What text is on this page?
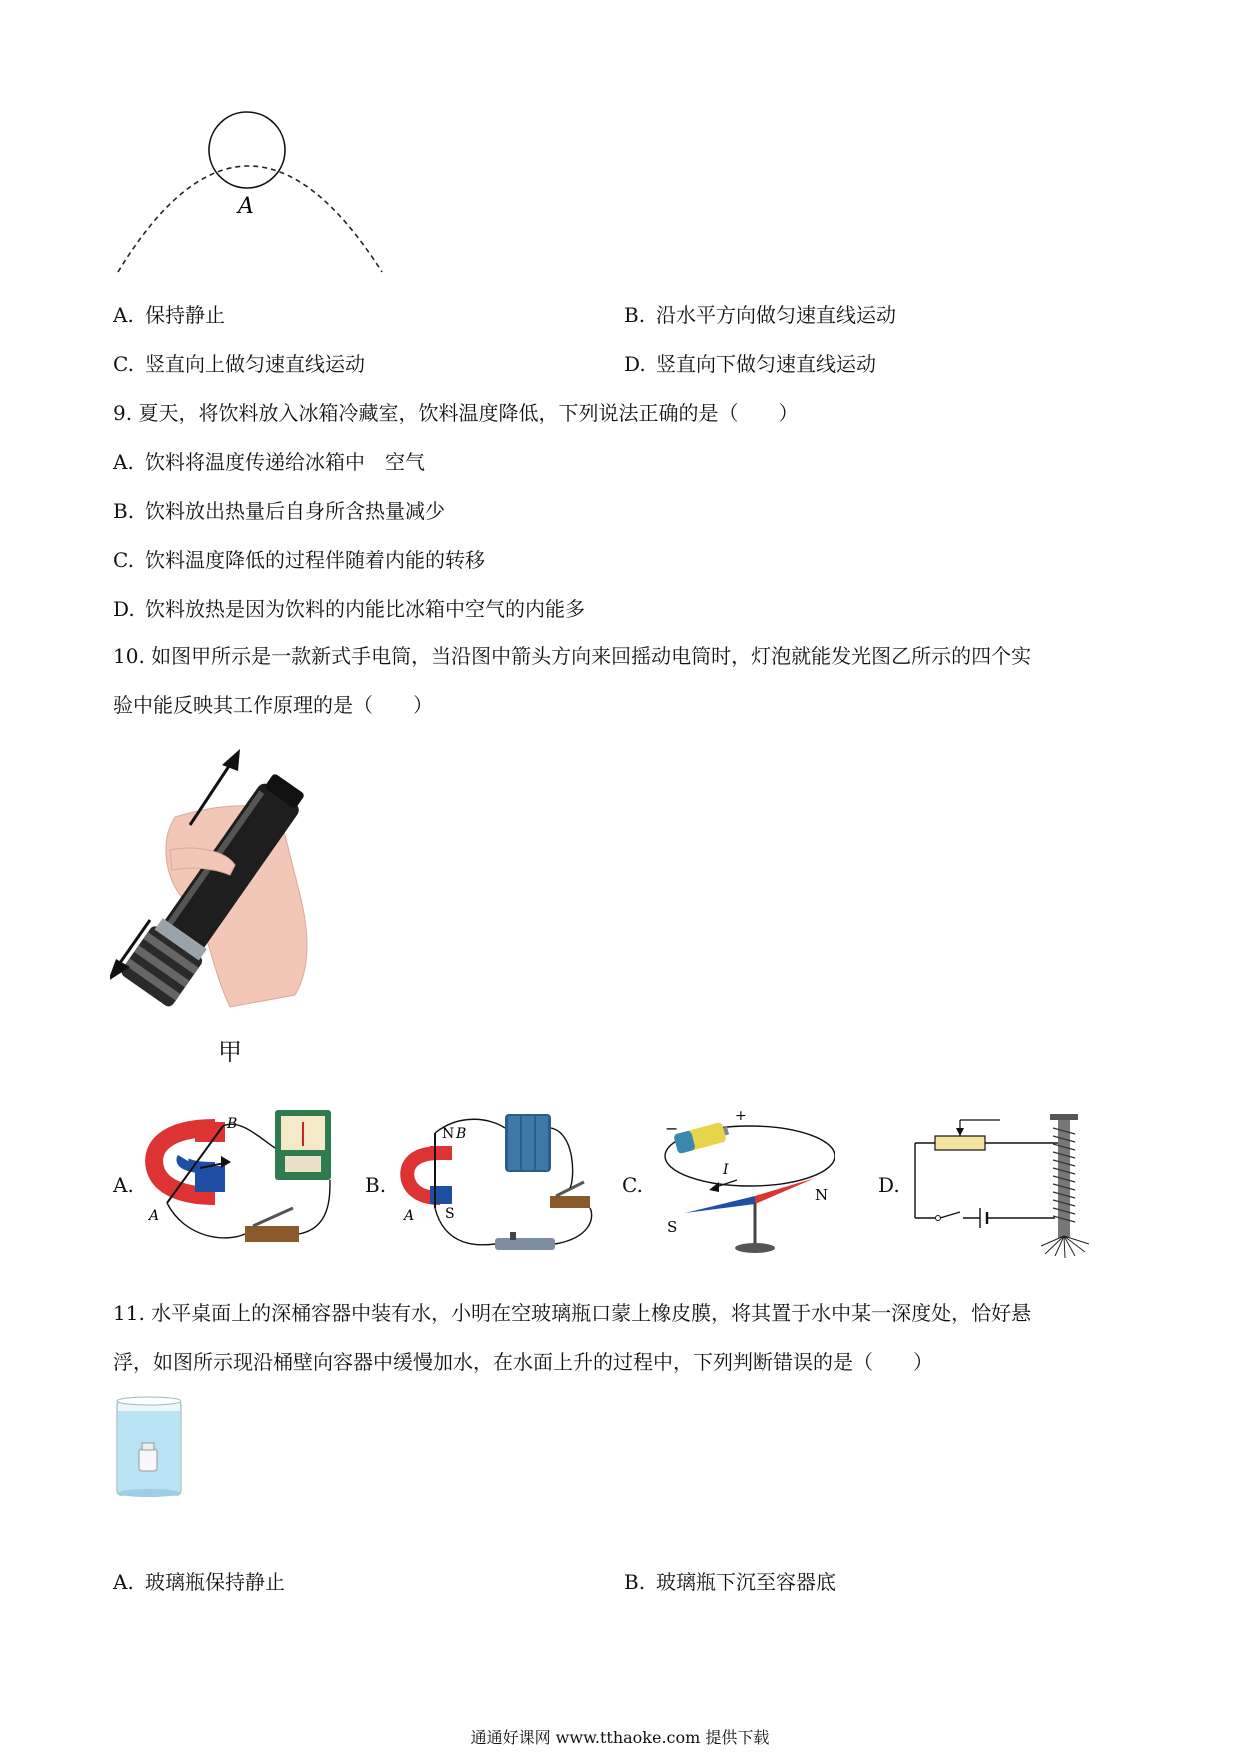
A
A. 保持静止	B. 沿水平方向做匀速直线运动
C. 竖直向上做匀速直线运动	D. 竖直向下做匀速直线运动
9. 夏天，将饮料放入冰箱冷藏室，饮料温度降低，下列说法正确的是（　　）
A. 饮料将温度传递给冰箱中　空气
B. 饮料放出热量后自身所含热量减少
C. 饮料温度降低的过程伴随着内能的转移
D. 饮料放热是因为饮料的内能比冰箱中空气的内能多
10. 如图甲所示是一款新式手电筒，当沿图中箭头方向来回摇动电筒时，灯泡就能发光图乙所示的四个实
验中能反映其工作原理的是（　　）
甲
A.
B
A
B.
N B
S
A
C.
−
+
I
N
S
D.
11. 水平桌面上的深桶容器中装有水，小明在空玻璃瓶口蒙上橡皮膜，将其置于水中某一深度处，恰好悬
浮，如图所示现沿桶壁向容器中缓慢加水，在水面上升的过程中，下列判断错误的是（　　）
A. 玻璃瓶保持静止	B. 玻璃瓶下沉至容器底
通通好课网 www.tthaoke.com 提供下载
